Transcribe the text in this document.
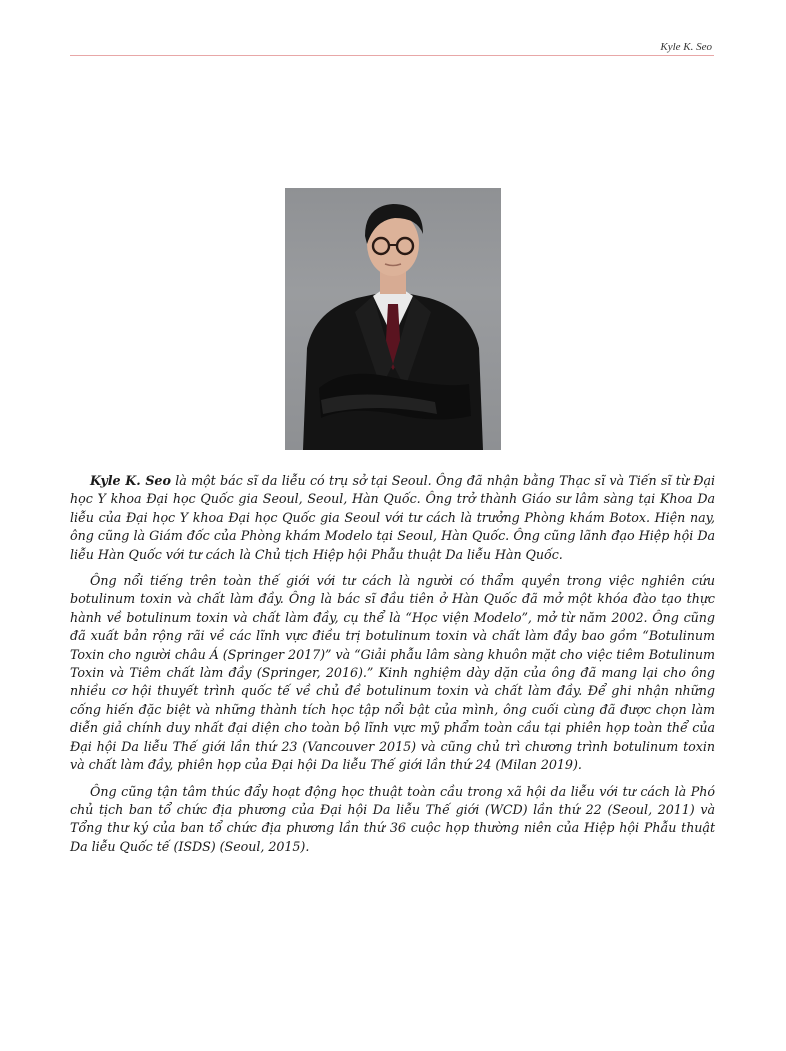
Kyle K. Seo

Kyle K. Seo là một bác sĩ da liễu có trụ sở tại Seoul. Ông đã nhận bằng Thạc sĩ và Tiến sĩ từ Đại học Y khoa Đại học Quốc gia Seoul, Seoul, Hàn Quốc. Ông trở thành Giáo sư lâm sàng tại Khoa Da liễu của Đại học Y khoa Đại học Quốc gia Seoul với tư cách là trưởng Phòng khám Botox. Hiện nay, ông cũng là Giám đốc của Phòng khám Modelo tại Seoul, Hàn Quốc. Ông cũng lãnh đạo Hiệp hội Da liễu Hàn Quốc với tư cách là Chủ tịch Hiệp hội Phẫu thuật Da liễu Hàn Quốc.

Ông nổi tiếng trên toàn thế giới với tư cách là người có thẩm quyền trong việc nghiên cứu botulinum toxin và chất làm đầy. Ông là bác sĩ đầu tiên ở Hàn Quốc đã mở một khóa đào tạo thực hành về botulinum toxin và chất làm đầy, cụ thể là “Học viện Modelo”, mở từ năm 2002. Ông cũng đã xuất bản rộng rãi về các lĩnh vực điều trị botulinum toxin và chất làm đầy bao gồm “Botulinum Toxin cho người châu Á (Springer 2017)” và “Giải phẫu lâm sàng khuôn mặt cho việc tiêm Botulinum Toxin và Tiêm chất làm đầy (Springer, 2016).” Kinh nghiệm dày dặn của ông đã mang lại cho ông nhiều cơ hội thuyết trình quốc tế về chủ đề botulinum toxin và chất làm đầy. Để ghi nhận những cống hiến đặc biệt và những thành tích học tập nổi bật của mình, ông cuối cùng đã được chọn làm diễn giả chính duy nhất đại diện cho toàn bộ lĩnh vực mỹ phẩm toàn cầu tại phiên họp toàn thể của Đại hội Da liễu Thế giới lần thứ 23 (Vancouver 2015) và cũng chủ trì chương trình botulinum toxin và chất làm đầy, phiên họp của Đại hội Da liễu Thế giới lần thứ 24 (Milan 2019).

Ông cũng tận tâm thúc đẩy hoạt động học thuật toàn cầu trong xã hội da liễu với tư cách là Phó chủ tịch ban tổ chức địa phương của Đại hội Da liễu Thế giới (WCD) lần thứ 22 (Seoul, 2011) và Tổng thư ký của ban tổ chức địa phương lần thứ 36 cuộc họp thường niên của Hiệp hội Phẫu thuật Da liễu Quốc tế (ISDS) (Seoul, 2015).
